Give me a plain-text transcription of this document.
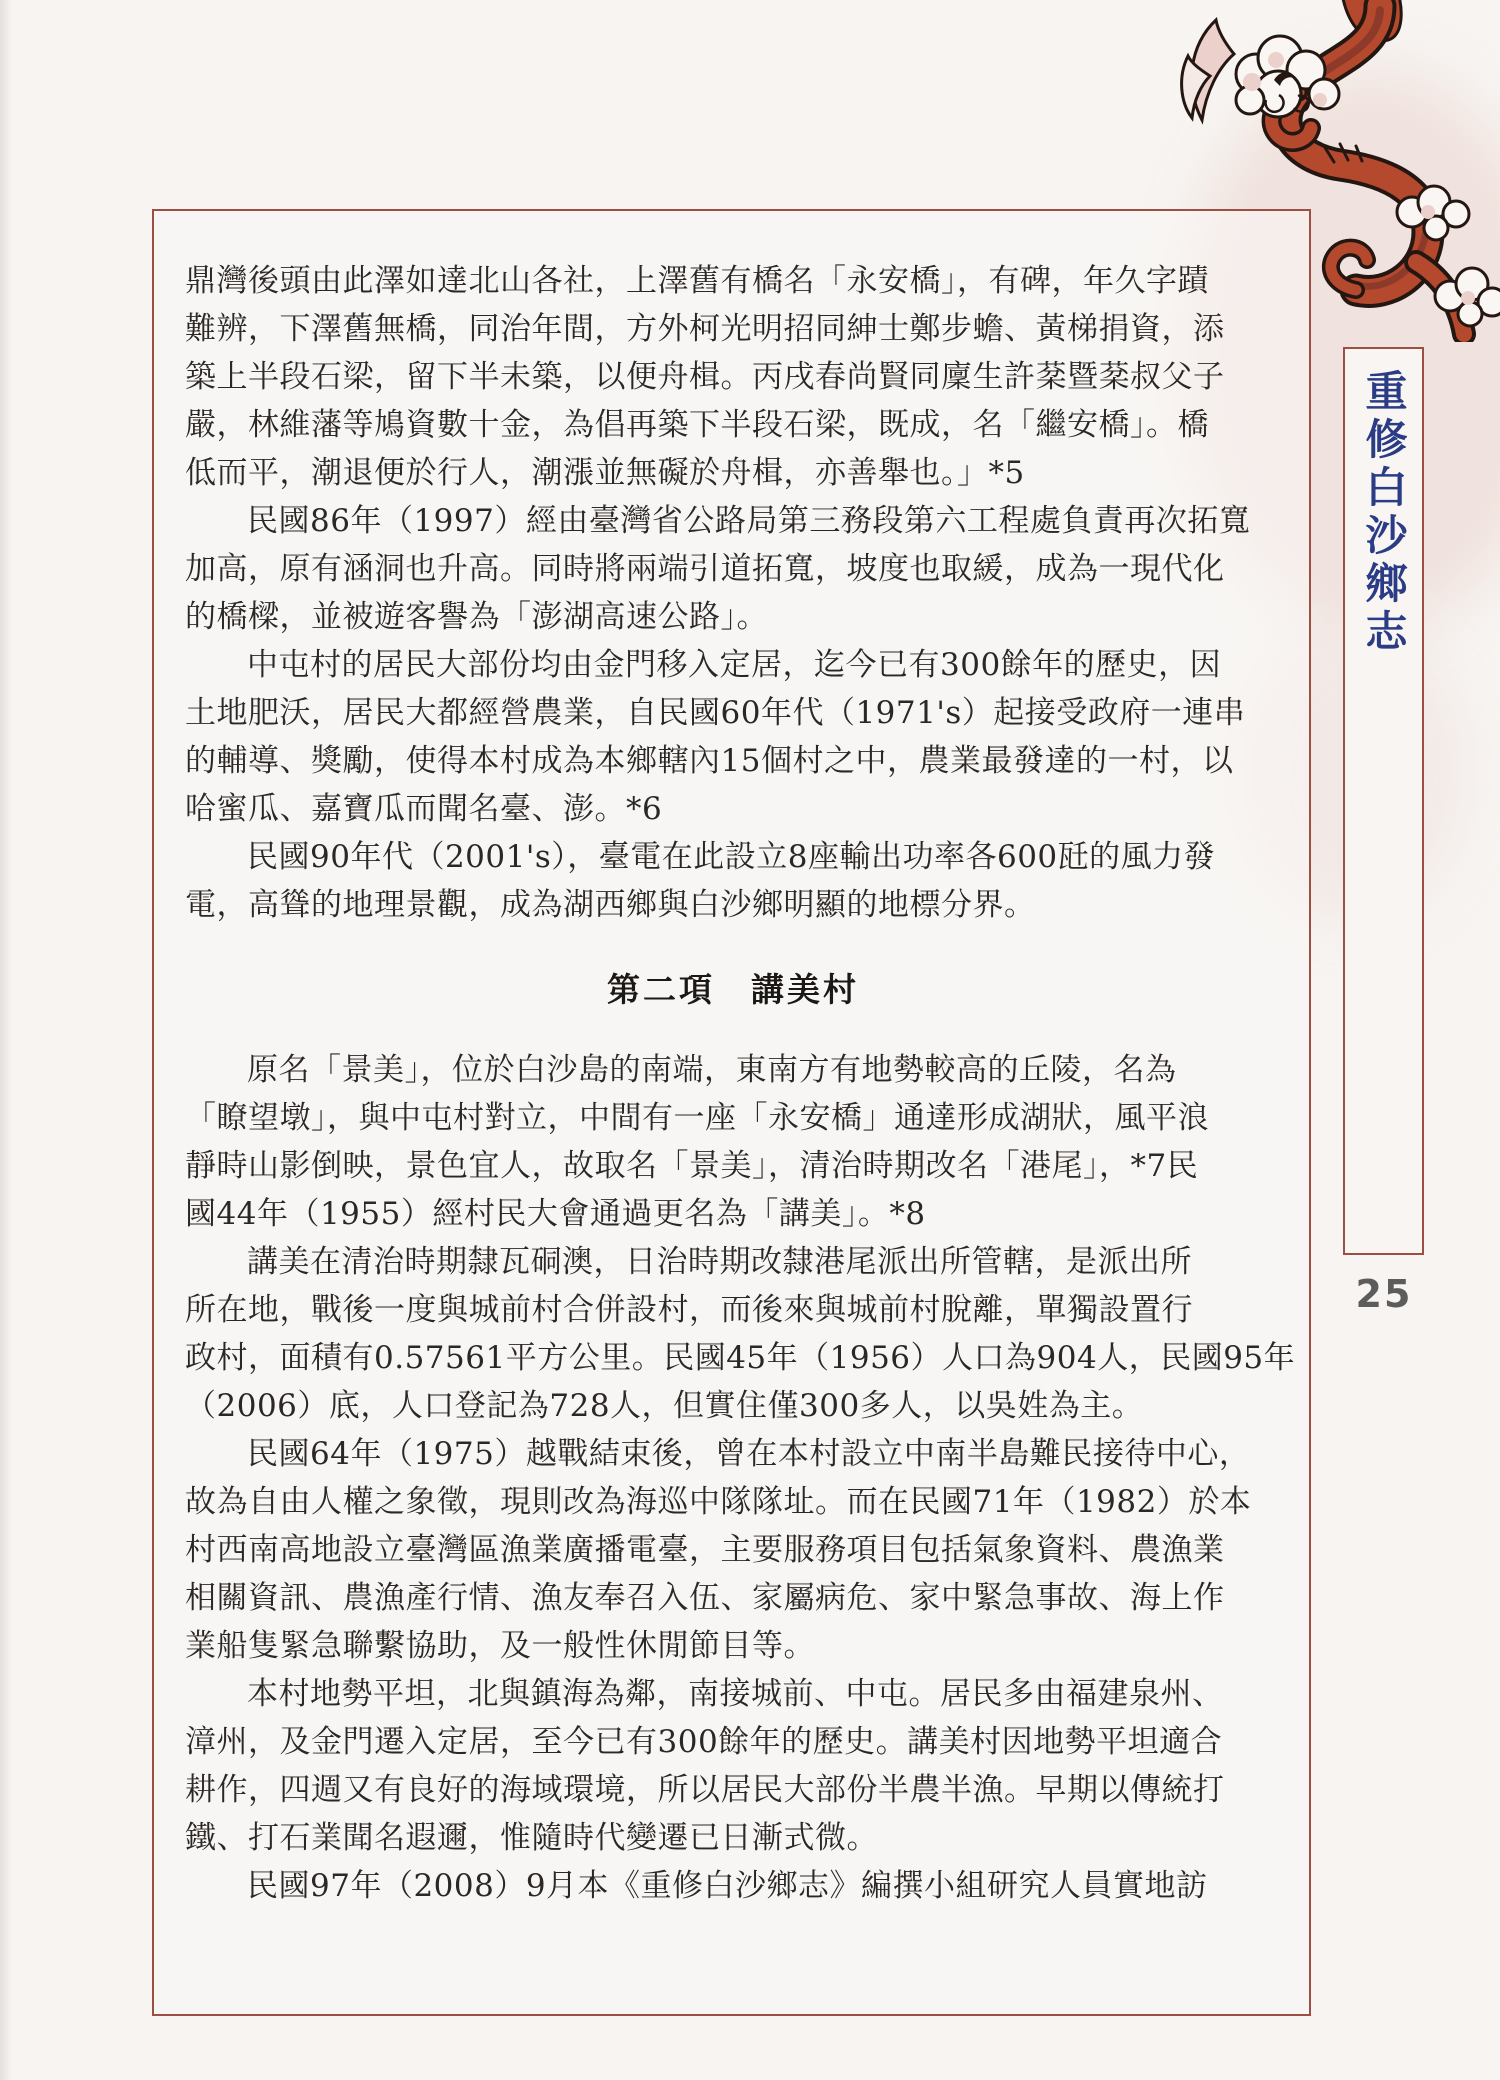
鼎灣後頭由此澤如達北山各社，上澤舊有橋名「永安橋」，有碑，年久字蹟
難辨，下澤舊無橋，同治年間，方外柯光明招同紳士鄭步蟾、黃梯捐資，添
築上半段石梁，留下半未築，以便舟楫。丙戌春尚賢同廩生許棻暨棻叔父子
嚴，林維藩等鳩資數十金，為倡再築下半段石梁，既成，名「繼安橋」。橋
低而平，潮退便於行人，潮漲並無礙於舟楫，亦善舉也。」*5
民國86年（1997）經由臺灣省公路局第三務段第六工程處負責再次拓寬
加高，原有涵洞也升高。同時將兩端引道拓寬，坡度也取緩，成為一現代化
的橋樑，並被遊客譽為「澎湖高速公路」。
中屯村的居民大部份均由金門移入定居，迄今已有300餘年的歷史，因
土地肥沃，居民大都經營農業，自民國60年代（1971's）起接受政府一連串
的輔導、獎勵，使得本村成為本鄉轄內15個村之中，農業最發達的一村，以
哈蜜瓜、嘉寶瓜而聞名臺、澎。*6
民國90年代（2001's），臺電在此設立8座輸出功率各600瓩的風力發
電，高聳的地理景觀，成為湖西鄉與白沙鄉明顯的地標分界。
第二項　講美村
原名「景美」，位於白沙島的南端，東南方有地勢較高的丘陵，名為
「瞭望墩」，與中屯村對立，中間有一座「永安橋」通達形成湖狀，風平浪
靜時山影倒映，景色宜人，故取名「景美」，清治時期改名「港尾」，*7民
國44年（1955）經村民大會通過更名為「講美」。*8
講美在清治時期隸瓦硐澳，日治時期改隸港尾派出所管轄，是派出所
所在地，戰後一度與城前村合併設村，而後來與城前村脫離，單獨設置行
政村，面積有0.57561平方公里。民國45年（1956）人口為904人，民國95年
（2006）底，人口登記為728人，但實住僅300多人，以吳姓為主。
民國64年（1975）越戰結束後，曾在本村設立中南半島難民接待中心，
故為自由人權之象徵，現則改為海巡中隊隊址。而在民國71年（1982）於本
村西南高地設立臺灣區漁業廣播電臺，主要服務項目包括氣象資料、農漁業
相關資訊、農漁產行情、漁友奉召入伍、家屬病危、家中緊急事故、海上作
業船隻緊急聯繫協助，及一般性休閒節目等。
本村地勢平坦，北與鎮海為鄰，南接城前、中屯。居民多由福建泉州、
漳州，及金門遷入定居，至今已有300餘年的歷史。講美村因地勢平坦適合
耕作，四週又有良好的海域環境，所以居民大部份半農半漁。早期以傳統打
鐵、打石業聞名遐邇，惟隨時代變遷已日漸式微。
民國97年（2008）9月本《重修白沙鄉志》編撰小組研究人員實地訪
重修白沙鄉志
25
